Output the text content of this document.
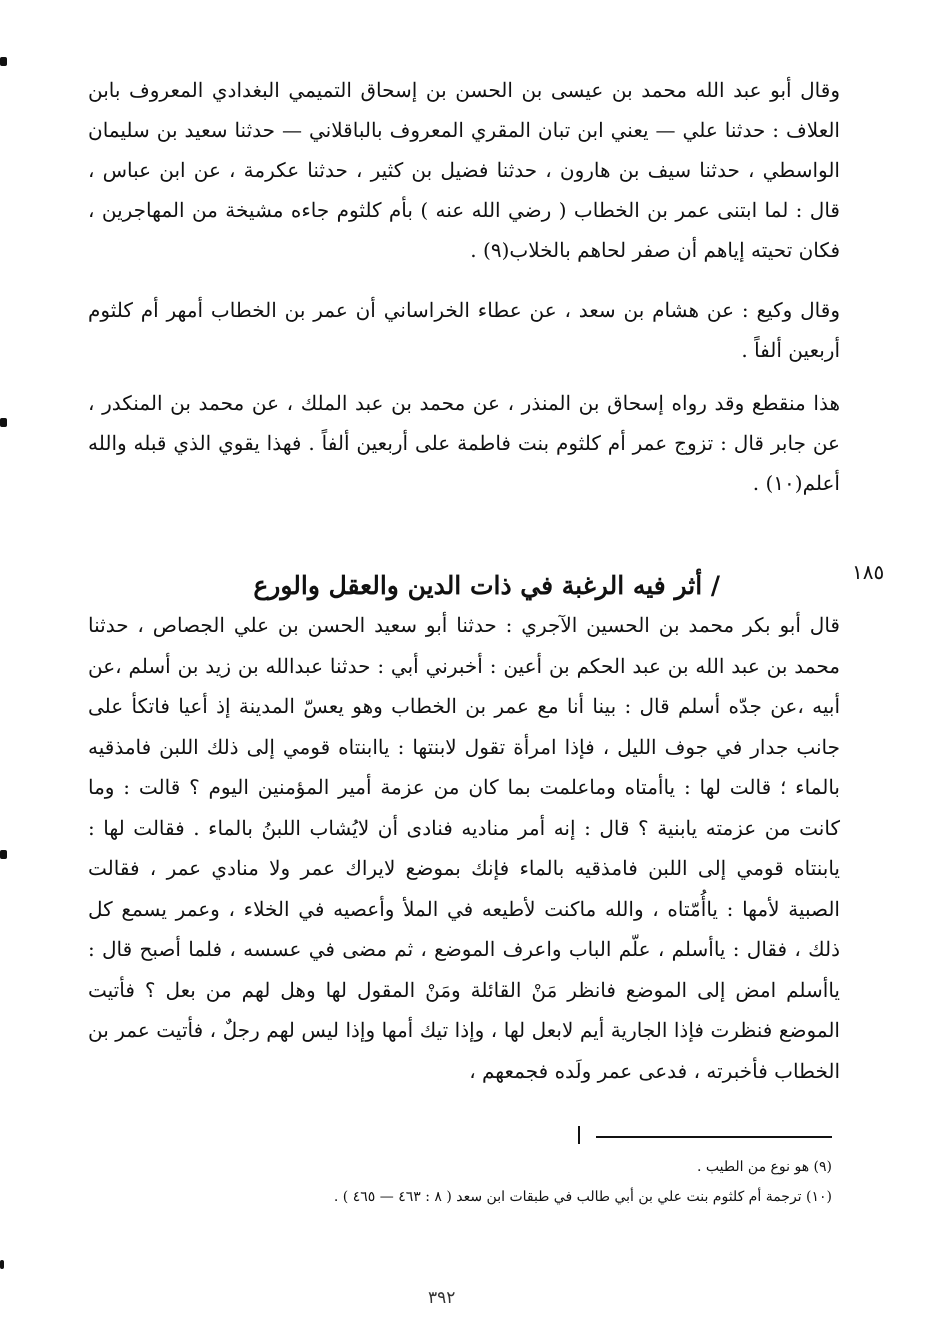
وقال أبو عبد الله محمد بن عيسى بن الحسن بن إسحاق التميمي البغدادي المعروف بابن العلاف : حدثنا علي — يعني ابن تبان المقري المعروف بالباقلاني — حدثنا سعيد بن سليمان الواسطي ، حدثنا سيف بن هارون ، حدثنا فضيل بن كثير ، حدثنا عكرمة ، عن ابن عباس ، قال : لما ابتنى عمر بن الخطاب ( رضي الله عنه ) بأم كلثوم جاءه مشيخة من المهاجرين ، فكان تحيته إياهم أن صفر لحاهم بالخلاب(٩) .

وقال وكيع : عن هشام بن سعد ، عن عطاء الخراساني أن عمر بن الخطاب أمهر أم كلثوم أربعين ألفاً .

هذا منقطع وقد رواه إسحاق بن المنذر ، عن محمد بن عبد الملك ، عن محمد بن المنكدر ، عن جابر قال : تزوج عمر أم كلثوم بنت فاطمة على أربعين ألفاً . فهذا يقوي الذي قبله والله أعلم(١٠) .

١٨٥
/ أثر فيه الرغبة في ذات الدين والعقل والورع

قال أبو بكر محمد بن الحسين الآجري : حدثنا أبو سعيد الحسن بن علي الجصاص ، حدثنا محمد بن عبد الله بن عبد الحكم بن أعين : أخبرني أبي : حدثنا عبدالله بن زيد بن أسلم ،عن أبيه ،عن جدّه أسلم قال : بينا أنا مع عمر بن الخطاب وهو يعسّ المدينة إذ أعيا فاتكأ على جانب جدار في جوف الليل ، فإذا امرأة تقول لابنتها : ياابنتاه قومي إلى ذلك اللبن فامذقيه بالماء ؛ قالت لها : ياأمتاه وماعلمت بما كان من عزمة أمير المؤمنين اليوم ؟ قالت : وما كانت من عزمته يابنية ؟ قال : إنه أمر مناديه فنادى أن لايُشاب اللبنُ بالماء . فقالت لها : يابنتاه قومي إلى اللبن فامذقيه بالماء فإنك بموضع لايراك عمر ولا منادي عمر ، فقالت الصبية لأمها : ياأُمّتاه ، والله ماكنت لأطيعه في الملأ وأعصيه في الخلاء ، وعمر يسمع كل ذلك ، فقال : ياأسلم ، علّم الباب واعرف الموضع ، ثم مضى في عسسه ، فلما أصبح قال : ياأسلم امض إلى الموضع فانظر مَنْ القائلة ومَنْ المقول لها وهل لهم من بعل ؟ فأتيت الموضع فنظرت فإذا الجارية أيم لابعل لها ، وإذا تيك أمها وإذا ليس لهم رجلٌ ، فأتيت عمر بن الخطاب فأخبرته ، فدعى عمر ولَده فجمعهم ،

(٩) هو نوع من الطيب .

(١٠) ترجمة أم كلثوم بنت علي بن أبي طالب في طبقات ابن سعد ( ٨ : ٤٦٣ — ٤٦٥ ) .

٣٩٢
